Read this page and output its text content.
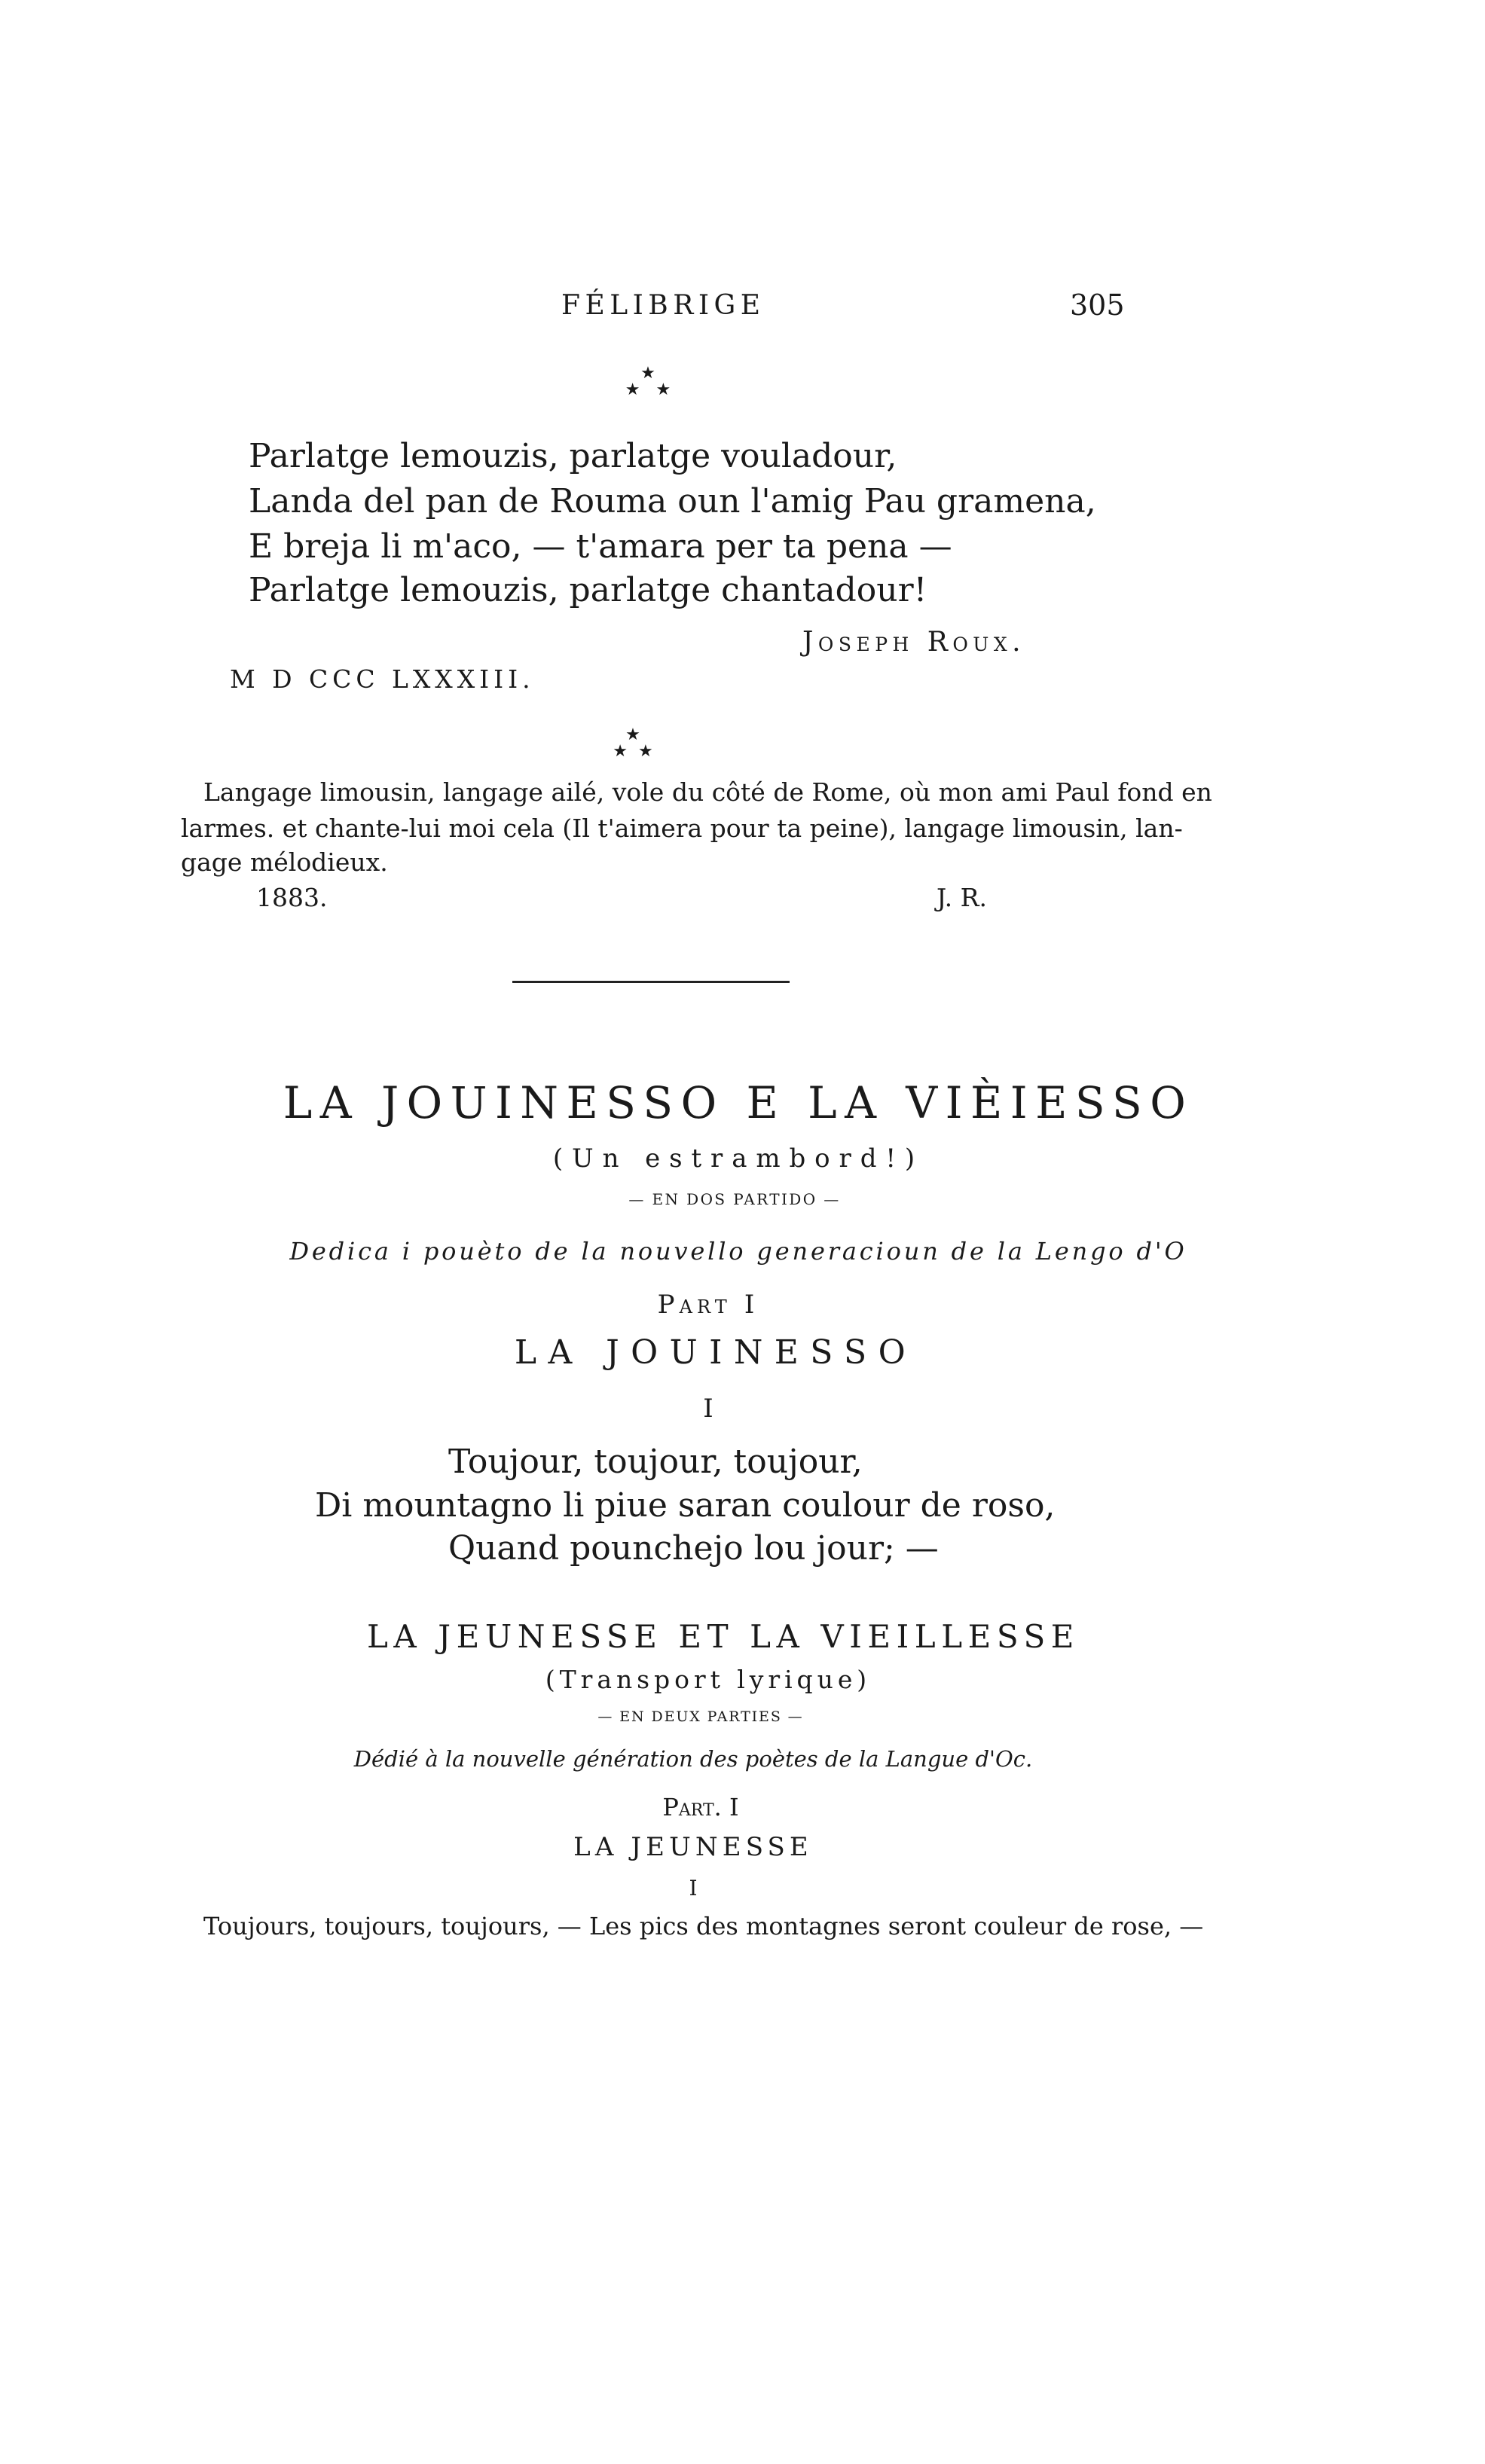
FÉLIBRIGE	305
★
★   ★
Parlatge lemouzis, parlatge vouladour,
Landa del pan de Rouma oun l'amig Pau gramena,
E breja li m'aco, — t'amara per ta pena —
Parlatge lemouzis, parlatge chantadour!
Joseph Roux.
M D CCC LXXXIII.
★
★  ★
Langage limousin, langage ailé, vole du côté de Rome, où mon ami Paul fond en
larmes. et chante-lui moi cela (Il t'aimera pour ta peine), langage limousin, lan-
gage mélodieux.
1883.	J. R.
LA JOUINESSO E LA VIÈIESSO
(Un estrambord!)
— EN DOS PARTIDO —
Dedica i pouèto de la nouvello generacioun de la Lengo d'O
Part I
LA JOUINESSO
I
Toujour, toujour, toujour,
Di mountagno li piue saran coulour de roso,
Quand pounchejo lou jour; —
LA JEUNESSE ET LA VIEILLESSE
(Transport lyrique)
— EN DEUX PARTIES —
Dédié à la nouvelle génération des poètes de la Langue d'Oc.
Part. I
LA JEUNESSE
I
Toujours, toujours, toujours, — Les pics des montagnes seront couleur de rose, —
